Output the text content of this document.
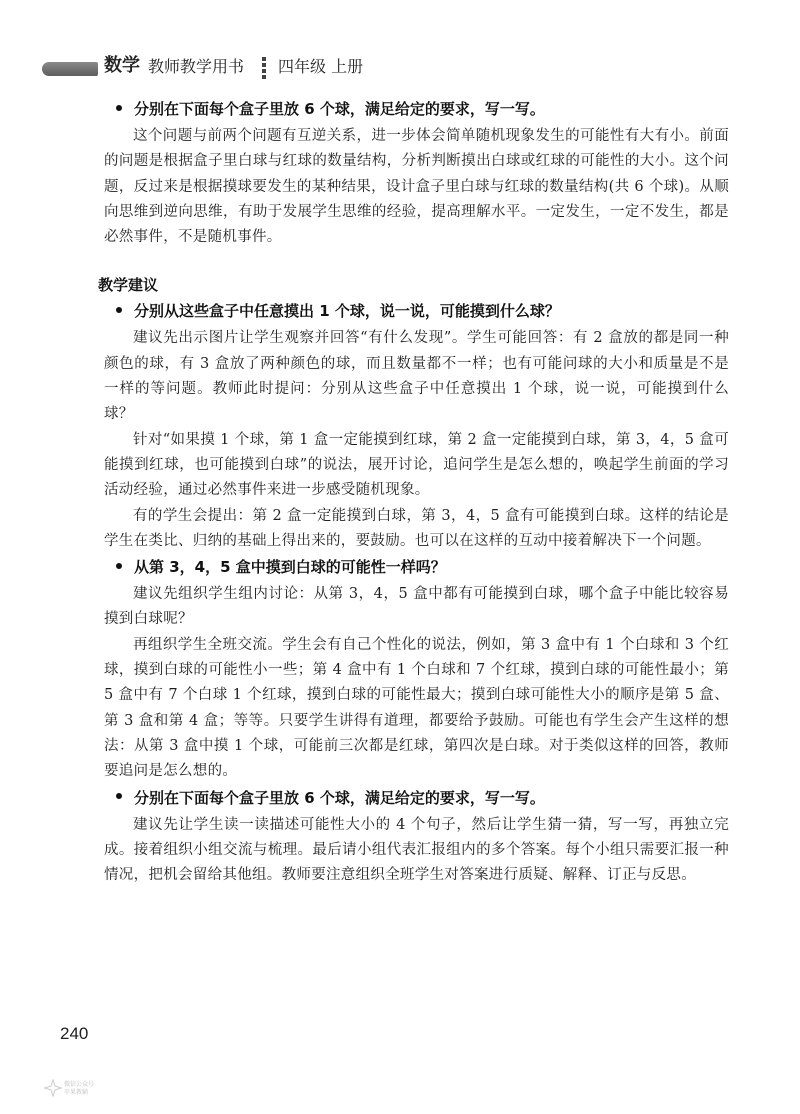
数学 教师教学用书 四年级 上册
分别在下面每个盒子里放 6 个球，满足给定的要求，写一写。

这个问题与前两个问题有互逆关系，进一步体会简单随机现象发生的可能性有大有小。前面的问题是根据盒子里白球与红球的数量结构，分析判断摸出白球或红球的可能性的大小。这个问题，反过来是根据摸球要发生的某种结果，设计盒子里白球与红球的数量结构(共 6 个球)。从顺向思维到逆向思维，有助于发展学生思维的经验，提高理解水平。一定发生，一定不发生，都是必然事件，不是随机事件。

教学建议
分别从这些盒子中任意摸出 1 个球，说一说，可能摸到什么球？

建议先出示图片让学生观察并回答“有什么发现”。学生可能回答：有 2 盒放的都是同一种颜色的球，有 3 盒放了两种颜色的球，而且数量都不一样；也有可能问球的大小和质量是不是一样的等问题。教师此时提问：分别从这些盒子中任意摸出 1 个球，说一说，可能摸到什么球？

针对“如果摸 1 个球，第 1 盒一定能摸到红球，第 2 盒一定能摸到白球，第 3，4，5 盒可能摸到红球，也可能摸到白球”的说法，展开讨论，追问学生是怎么想的，唤起学生前面的学习活动经验，通过必然事件来进一步感受随机现象。

有的学生会提出：第 2 盒一定能摸到白球，第 3，4，5 盒有可能摸到白球。这样的结论是学生在类比、归纳的基础上得出来的，要鼓励。也可以在这样的互动中接着解决下一个问题。

从第 3，4，5 盒中摸到白球的可能性一样吗？

建议先组织学生组内讨论：从第 3，4，5 盒中都有可能摸到白球，哪个盒子中能比较容易摸到白球呢？

再组织学生全班交流。学生会有自己个性化的说法，例如，第 3 盒中有 1 个白球和 3 个红球，摸到白球的可能性小一些；第 4 盒中有 1 个白球和 7 个红球，摸到白球的可能性最小；第 5 盒中有 7 个白球 1 个红球，摸到白球的可能性最大；摸到白球可能性大小的顺序是第 5 盒、第 3 盒和第 4 盒；等等。只要学生讲得有道理，都要给予鼓励。可能也有学生会产生这样的想法：从第 3 盒中摸 1 个球，可能前三次都是红球，第四次是白球。对于类似这样的回答，教师要追问是怎么想的。

分别在下面每个盒子里放 6 个球，满足给定的要求，写一写。

建议先让学生读一读描述可能性大小的 4 个句子，然后让学生猜一猜，写一写，再独立完成。接着组织小组交流与梳理。最后请小组代表汇报组内的多个答案。每个小组只需要汇报一种情况，把机会留给其他组。教师要注意组织全班学生对答案进行质疑、解释、订正与反思。

240
微信公众号
苹果教辅
